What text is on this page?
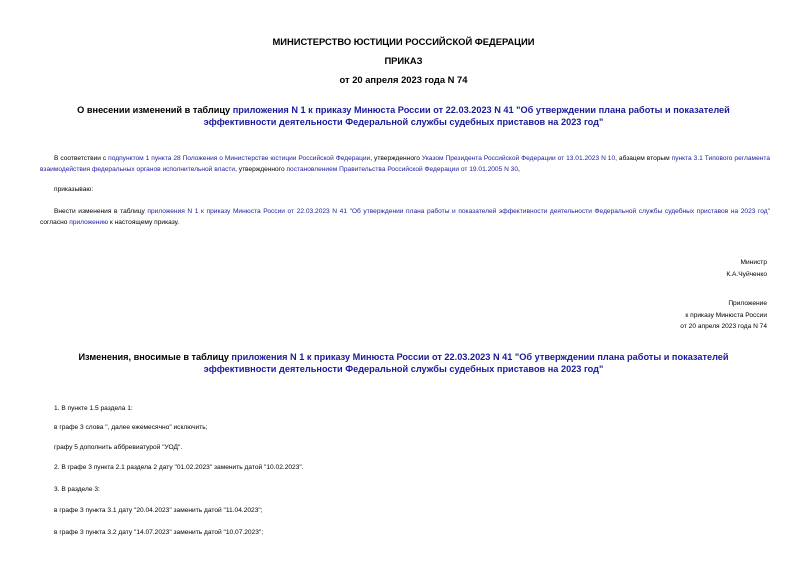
МИНИСТЕРСТВО ЮСТИЦИИ РОССИЙСКОЙ ФЕДЕРАЦИИ
ПРИКАЗ
от 20 апреля 2023 года N 74
О внесении изменений в таблицу приложения N 1 к приказу Минюста России от 22.03.2023 N 41 "Об утверждении плана работы и показателей эффективности деятельности Федеральной службы судебных приставов на 2023 год"
В соответствии с подпунктом 1 пункта 28 Положения о Министерстве юстиции Российской Федерации, утвержденного Указом Президента Российской Федерации от 13.01.2023 N 10, абзацем вторым пункта 3.1 Типового регламента взаимодействия федеральных органов исполнительной власти, утвержденного постановлением Правительства Российской Федерации от 19.01.2005 N 30,
приказываю:
Внести изменения в таблицу приложения N 1 к приказу Минюста России от 22.03.2023 N 41 "Об утверждении плана работы и показателей эффективности деятельности Федеральной службы судебных приставов на 2023 год" согласно приложению к настоящему приказу.
Министр
К.А.Чуйченко
Приложение
к приказу Минюста России
от 20 апреля 2023 года N 74
Изменения, вносимые в таблицу приложения N 1 к приказу Минюста России от 22.03.2023 N 41 "Об утверждении плана работы и показателей эффективности деятельности Федеральной службы судебных приставов на 2023 год"
1. В пункте 1.5 раздела 1:
в графе 3 слова ", далее ежемесячно" исключить;
графу 5 дополнить аббревиатурой "УОД".
2. В графе 3 пункта 2.1 раздела 2 дату "01.02.2023" заменить датой "10.02.2023".
3. В разделе 3:
в графе 3 пункта 3.1 дату "20.04.2023" заменить датой "11.04.2023";
в графе 3 пункта 3.2 дату "14.07.2023" заменить датой "10.07.2023";
